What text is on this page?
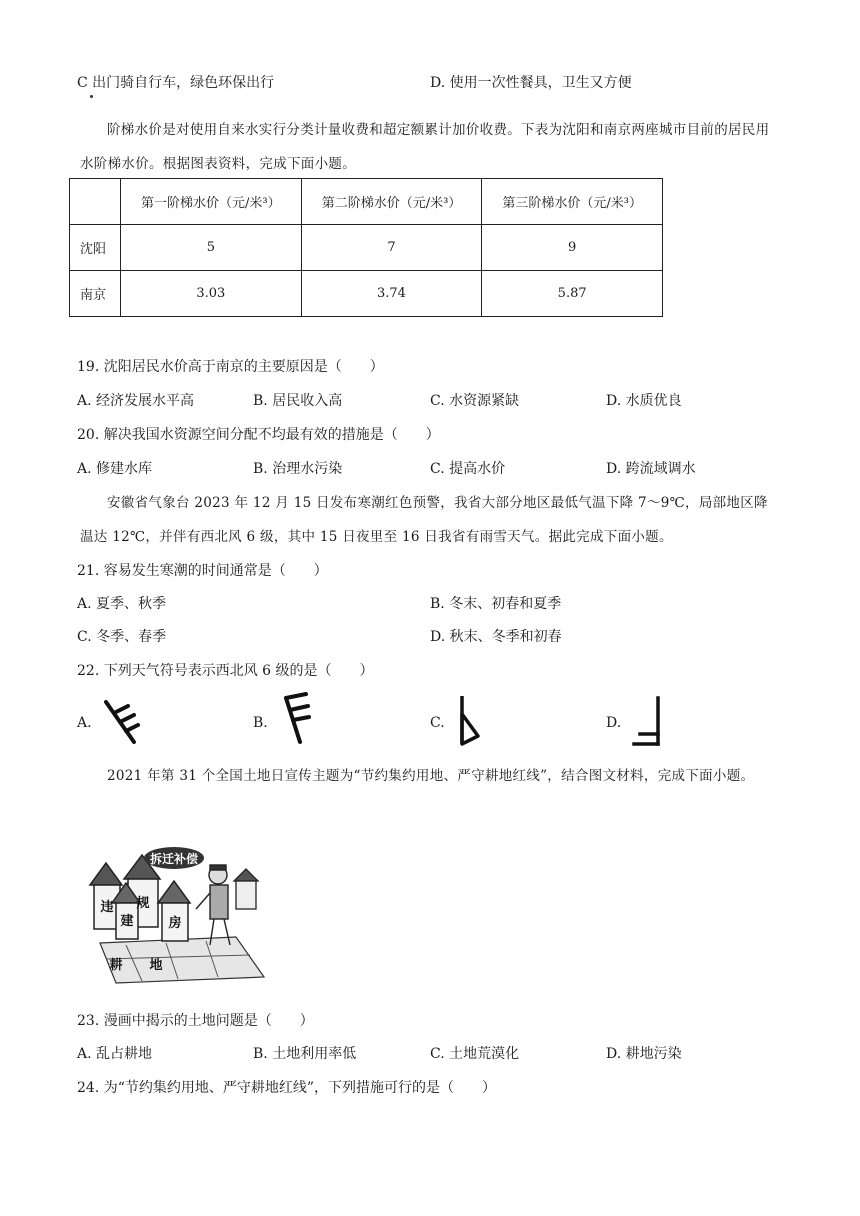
C 出门骑自行车，绿色环保出行	D. 使用一次性餐具，卫生又方便
阶梯水价是对使用自来水实行分类计量收费和超定额累计加价收费。下表为沈阳和南京两座城市目前的居民用水阶梯水价。根据图表资料，完成下面小题。
	第一阶梯水价（元/米³）	第二阶梯水价（元/米³）	第三阶梯水价（元/米³）
沈阳	5	7	9
南京	3.03	3.74	5.87
19. 沈阳居民水价高于南京的主要原因是（　　）
A. 经济发展水平高	B. 居民收入高	C. 水资源紧缺	D. 水质优良
20. 解决我国水资源空间分配不均最有效的措施是（　　）
A. 修建水库	B. 治理水污染	C. 提高水价	D. 跨流域调水
安徽省气象台 2023 年 12 月 15 日发布寒潮红色预警，我省大部分地区最低气温下降 7～9℃，局部地区降温达 12℃，并伴有西北风 6 级，其中 15 日夜里至 16 日我省有雨雪天气。据此完成下面小题。
21. 容易发生寒潮的时间通常是（　　）
A. 夏季、秋季	B. 冬末、初春和夏季
C. 冬季、春季	D. 秋末、冬季和初春
22. 下列天气符号表示西北风 6 级的是（　　）
A.	B.	C.	D.
2021 年第 31 个全国土地日宣传主题为“节约集约用地、严守耕地红线”，结合图文材料，完成下面小题。
拆迁补偿
违 规
建	房
耕 地
23. 漫画中揭示的土地问题是（　　）
A. 乱占耕地	B. 土地利用率低	C. 土地荒漠化	D. 耕地污染
24. 为“节约集约用地、严守耕地红线”，下列措施可行的是（　　）
